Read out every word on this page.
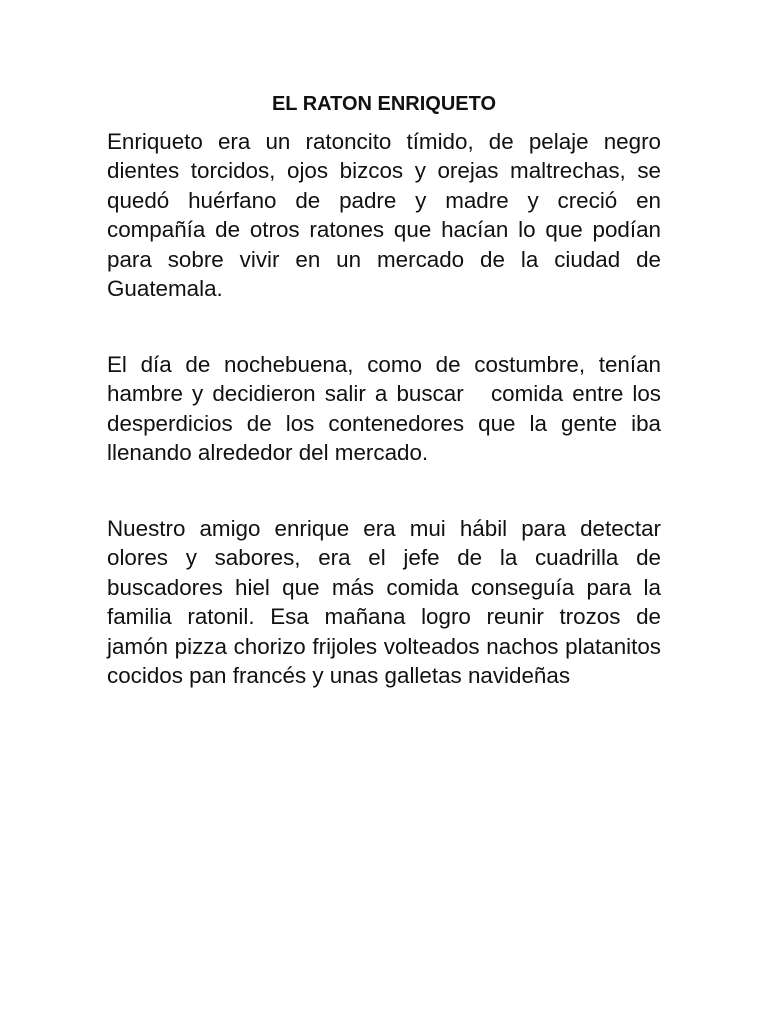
EL RATON ENRIQUETO

Enriqueto era un ratoncito tímido, de pelaje negro dientes torcidos, ojos bizcos y orejas maltrechas, se quedó huérfano de padre y madre y creció en compañía de otros ratones que hacían lo que podían para sobre vivir en un mercado de la ciudad de Guatemala.

El día de nochebuena, como de costumbre, tenían hambre y decidieron salir a buscar   comida entre los desperdicios de los contenedores que la gente iba llenando alrededor del mercado.

Nuestro amigo enrique era mui hábil para detectar olores y sabores, era el jefe de la cuadrilla de buscadores hiel que más comida conseguía para la familia ratonil. Esa mañana logro reunir trozos de jamón pizza chorizo frijoles volteados nachos platanitos cocidos pan francés y unas galletas navideñas
